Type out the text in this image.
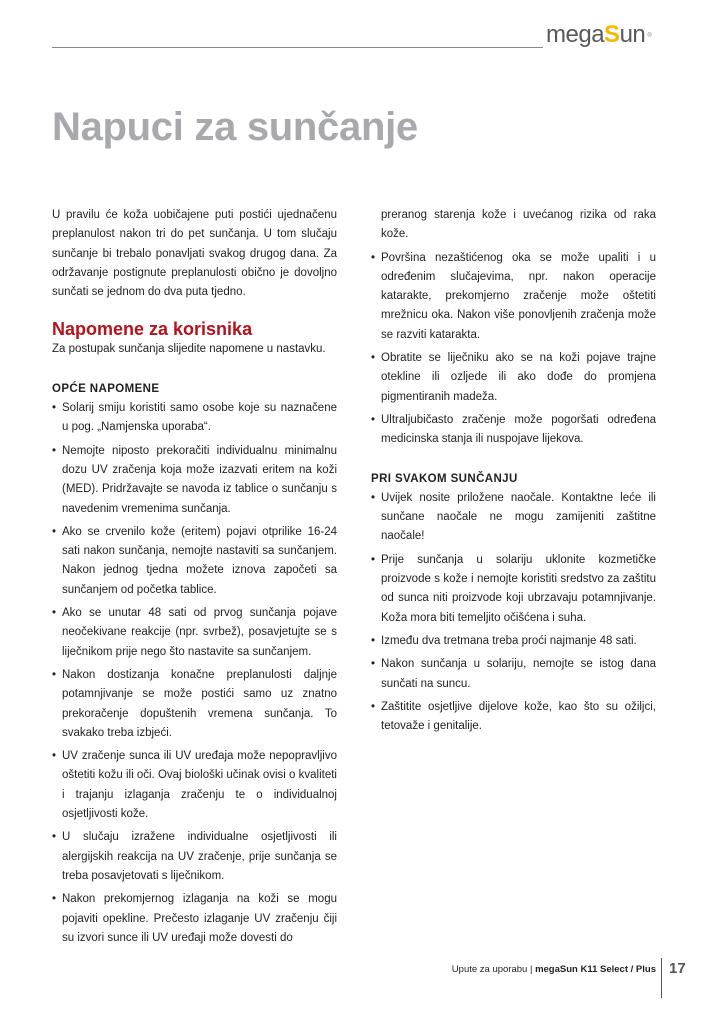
megaSun ®
Napuci za sunčanje

U pravilu će koža uobičajene puti postići ujednačenu preplanulost nakon tri do pet sunčanja. U tom slučaju sunčanje bi trebalo ponavljati svakog drugog dana. Za održavanje postignute preplanulosti obično je dovoljno sunčati se jednom do dva puta tjedno.

Napomene za korisnika

Za postupak sunčanja slijedite napomene u nastavku.

OPĆE NAPOMENE
• Solarij smiju koristiti samo osobe koje su naznačene u pog. „Namjenska uporaba“.
• Nemojte niposto prekoračiti individualnu minimalnu dozu UV zračenja koja može izazvati eritem na koži (MED). Pridržavajte se navoda iz tablice o sunčanju s navedenim vremenima sunčanja.
• Ako se crvenilo kože (eritem) pojavi otprilike 16-24 sati nakon sunčanja, nemojte nastaviti sa sunčanjem. Nakon jednog tjedna možete iznova započeti sa sunčanjem od početka tablice.
• Ako se unutar 48 sati od prvog sunčanja pojave neočekivane reakcije (npr. svrbež), posavjetujte se s liječnikom prije nego što nastavite sa sunčanjem.
• Nakon dostizanja konačne preplanulosti daljnje potamnjivanje se može postići samo uz znatno prekoračenje dopuštenih vremena sunčanja. To svakako treba izbjeći.
• UV zračenje sunca ili UV uređaja može nepopravljivo oštetiti kožu ili oči. Ovaj biološki učinak ovisi o kvaliteti i trajanju izlaganja zračenju te o individualnoj osjetljivosti kože.
• U slučaju izražene individualne osjetljivosti ili alergijskih reakcija na UV zračenje, prije sunčanja se treba posavjetovati s liječnikom.
• Nakon prekomjernog izlaganja na koži se mogu pojaviti opekline. Prečesto izlaganje UV zračenju čiji su izvori sunce ili UV uređaji može dovesti do

preranog starenja kože i uvećanog rizika od raka kože.

• Površina nezaštićenog oka se može upaliti i u određenim slučajevima, npr. nakon operacije katarakte, prekomjerno zračenje može oštetiti mrežnicu oka. Nakon više ponovljenih zračenja može se razviti katarakta.
• Obratite se liječniku ako se na koži pojave trajne otekline ili ozljede ili ako dođe do promjena pigmentiranih madeža.
• Ultraljubičasto zračenje može pogoršati određena medicinska stanja ili nuspojave lijekova.
PRI SVAKOM SUNČANJU
• Uvijek nosite priložene naočale. Kontaktne leće ili sunčane naočale ne mogu zamijeniti zaštitne naočale!
• Prije sunčanja u solariju uklonite kozmetičke proizvode s kože i nemojte koristiti sredstvo za zaštitu od sunca niti proizvode koji ubrzavaju potamnjivanje. Koža mora biti temeljito očišćena i suha.
• Između dva tretmana treba proći najmanje 48 sati.
• Nakon sunčanja u solariju, nemojte se istog dana sunčati na suncu.
• Zaštitite osjetljive dijelove kože, kao što su ožiljci, tetovaže i genitalije.
Upute za uporabu | megaSun K11 Select / Plus 17
